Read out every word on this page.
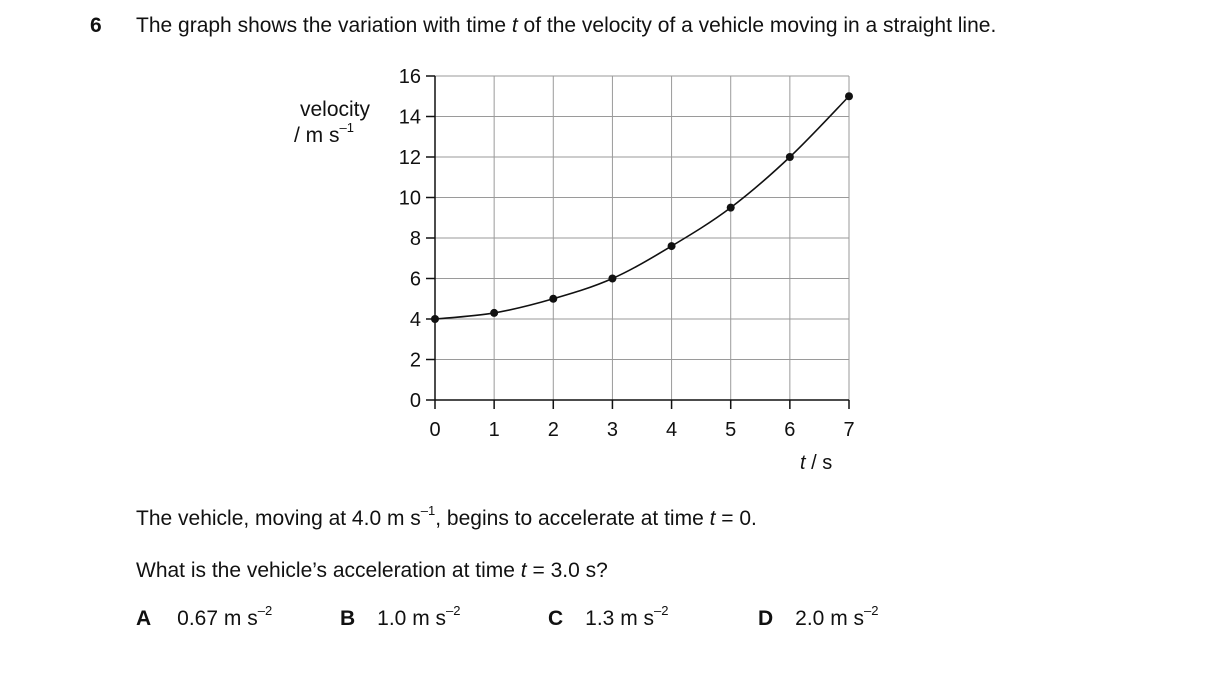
6 The graph shows the variation with time t of the velocity of a vehicle moving in a straight line.
velocity
/ m $s^{-1}$
0
2
4
6
8
10
12
14
16
0 1 2 3 4 5 6 7
t / s
The vehicle, moving at 4.0 m $s^{-1}$, begins to accelerate at time t = 0.
What is the vehicle’s acceleration at time t = 3.0 s?
A 0.67 m $s^{-2}$	B 1.0 m $s^{-2}$	C 1.3 m $s^{-2}$	D 2.0 m $s^{-2}$
